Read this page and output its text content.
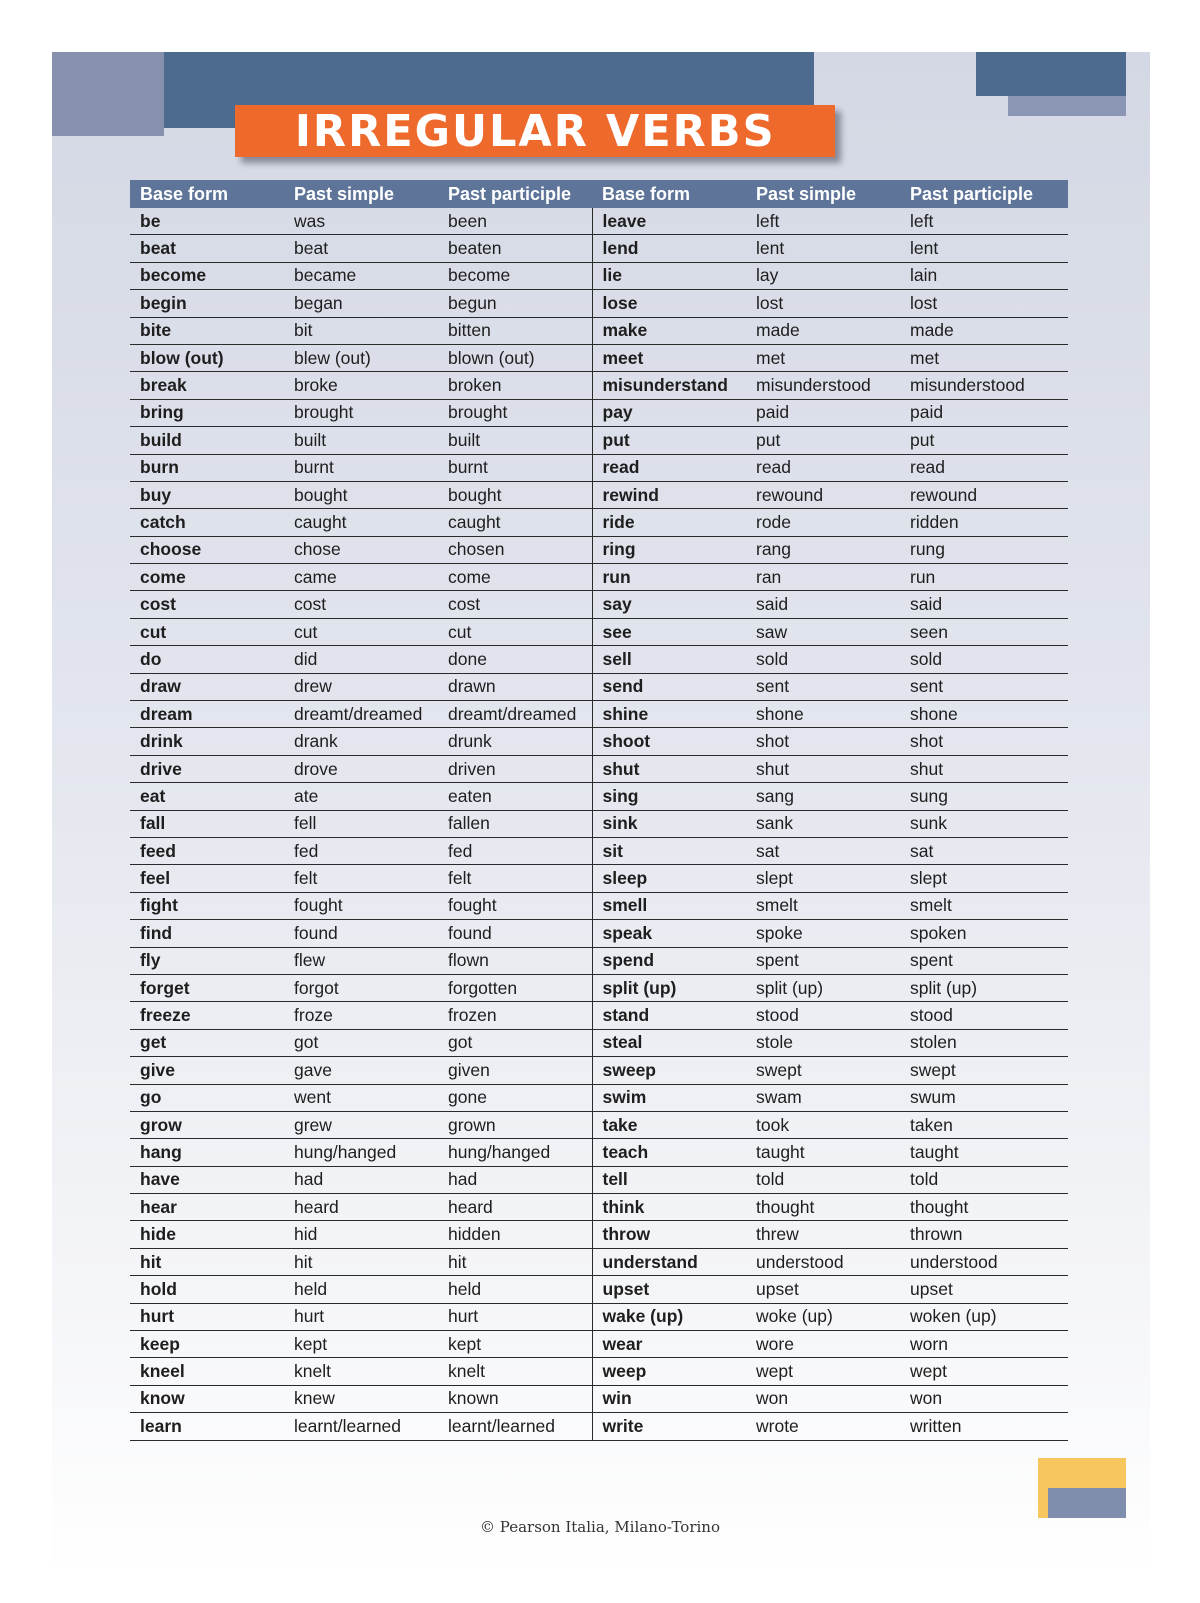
IRREGULAR VERBS
Base form	Past simple	Past participle	Base form	Past simple	Past participle
be	was	been	leave	left	left
beat	beat	beaten	lend	lent	lent
become	became	become	lie	lay	lain
begin	began	begun	lose	lost	lost
bite	bit	bitten	make	made	made
blow (out)	blew (out)	blown (out)	meet	met	met
break	broke	broken	misunderstand	misunderstood	misunderstood
bring	brought	brought	pay	paid	paid
build	built	built	put	put	put
burn	burnt	burnt	read	read	read
buy	bought	bought	rewind	rewound	rewound
catch	caught	caught	ride	rode	ridden
choose	chose	chosen	ring	rang	rung
come	came	come	run	ran	run
cost	cost	cost	say	said	said
cut	cut	cut	see	saw	seen
do	did	done	sell	sold	sold
draw	drew	drawn	send	sent	sent
dream	dreamt/dreamed	dreamt/dreamed	shine	shone	shone
drink	drank	drunk	shoot	shot	shot
drive	drove	driven	shut	shut	shut
eat	ate	eaten	sing	sang	sung
fall	fell	fallen	sink	sank	sunk
feed	fed	fed	sit	sat	sat
feel	felt	felt	sleep	slept	slept
fight	fought	fought	smell	smelt	smelt
find	found	found	speak	spoke	spoken
fly	flew	flown	spend	spent	spent
forget	forgot	forgotten	split (up)	split (up)	split (up)
freeze	froze	frozen	stand	stood	stood
get	got	got	steal	stole	stolen
give	gave	given	sweep	swept	swept
go	went	gone	swim	swam	swum
grow	grew	grown	take	took	taken
hang	hung/hanged	hung/hanged	teach	taught	taught
have	had	had	tell	told	told
hear	heard	heard	think	thought	thought
hide	hid	hidden	throw	threw	thrown
hit	hit	hit	understand	understood	understood
hold	held	held	upset	upset	upset
hurt	hurt	hurt	wake (up)	woke (up)	woken (up)
keep	kept	kept	wear	wore	worn
kneel	knelt	knelt	weep	wept	wept
know	knew	known	win	won	won
learn	learnt/learned	learnt/learned	write	wrote	written
© Pearson Italia, Milano-Torino
